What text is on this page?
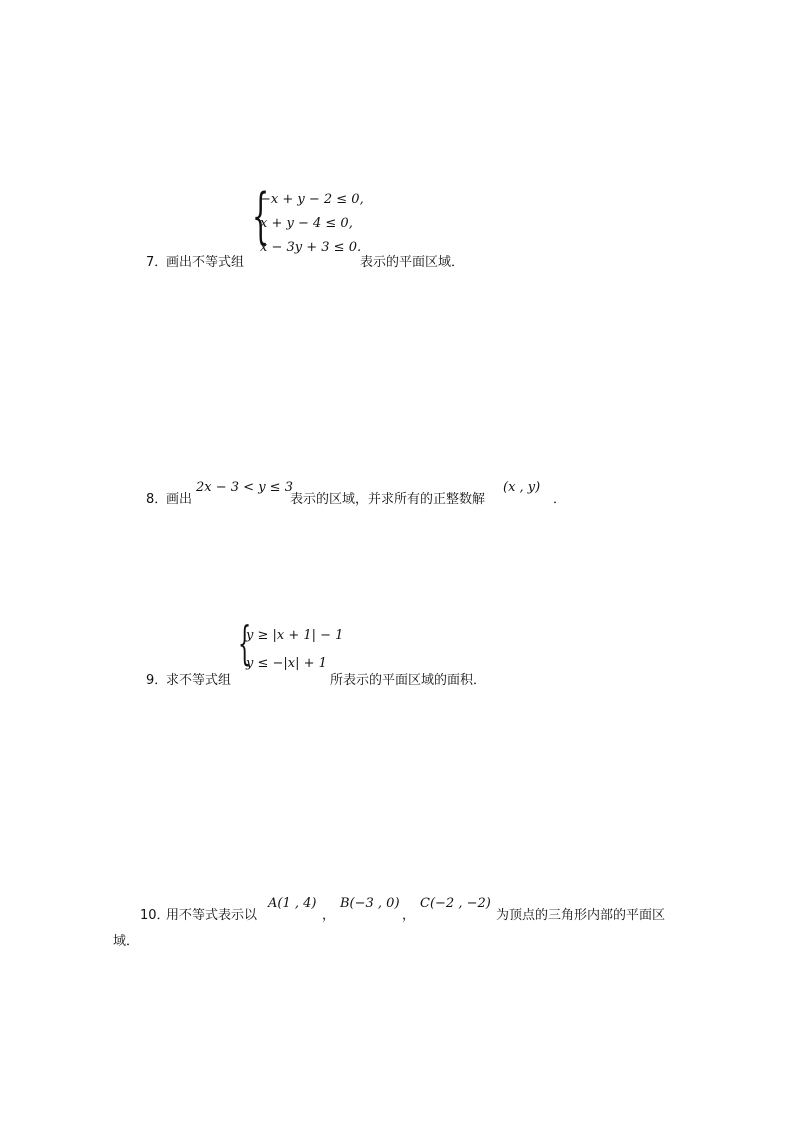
7．
画出不等式组
{
−x + y − 2 ≤ 0,
x + y − 4 ≤ 0,
x − 3y + 3 ≤ 0.
表示的平面区域．
8．
画出
2x − 3 < y ≤ 3
表示的区域，并求所有的正整数解
(x , y)
．
9．
求不等式组
{
y ≥ |x + 1| − 1
y ≤ −|x| + 1
所表示的平面区域的面积．
10．
用不等式表示以
A(1 , 4)
，
B(−3 , 0)
，
C(−2 , −2)
为顶点的三角形内部的平面区
域．
